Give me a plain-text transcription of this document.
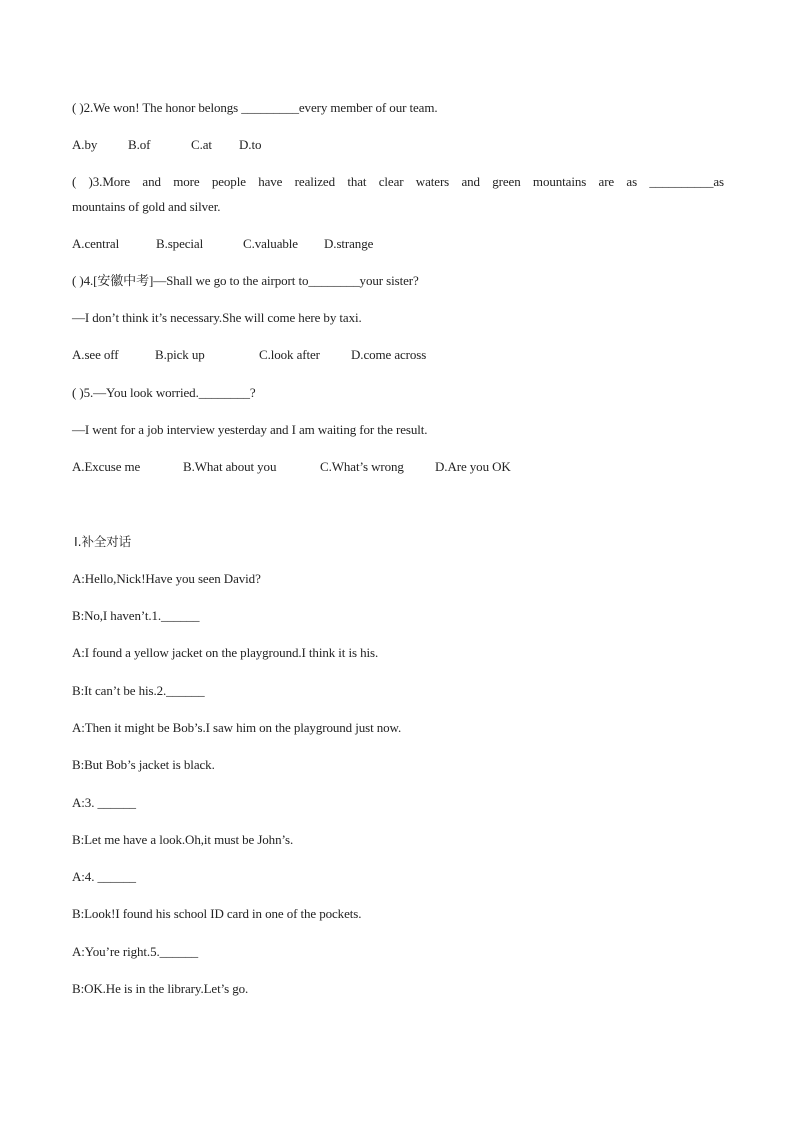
( )2.We won! The honor belongs _________every member of our team.
A.by B.of	C.at D.to
( )3.More and more people have realized that clear waters and green mountains are as __________as
mountains of gold and silver.
A.central	B.special	C.valuable D.strange
( )4.[安徽中考]—Shall we go to the airport to________your sister?
—I don’t think it’s necessary.She will come here by taxi.
A.see off	B.pick up	C.look after D.come across
( )5.—You look worried.________?
—I went for a job interview yesterday and I am waiting for the result.
A.Excuse me	B.What about you	C.What’s wrong D.Are you OK
Ⅰ.补全对话
A:Hello,Nick!Have you seen David?
B:No,I haven’t.1.______
A:I found a yellow jacket on the playground.I think it is his.
B:It can’t be his.2.______
A:Then it might be Bob’s.I saw him on the playground just now.
B:But Bob’s jacket is black.
A:3. ______
B:Let me have a look.Oh,it must be John’s.
A:4. ______
B:Look!I found his school ID card in one of the pockets.
A:You’re right.5.______
B:OK.He is in the library.Let’s go.
